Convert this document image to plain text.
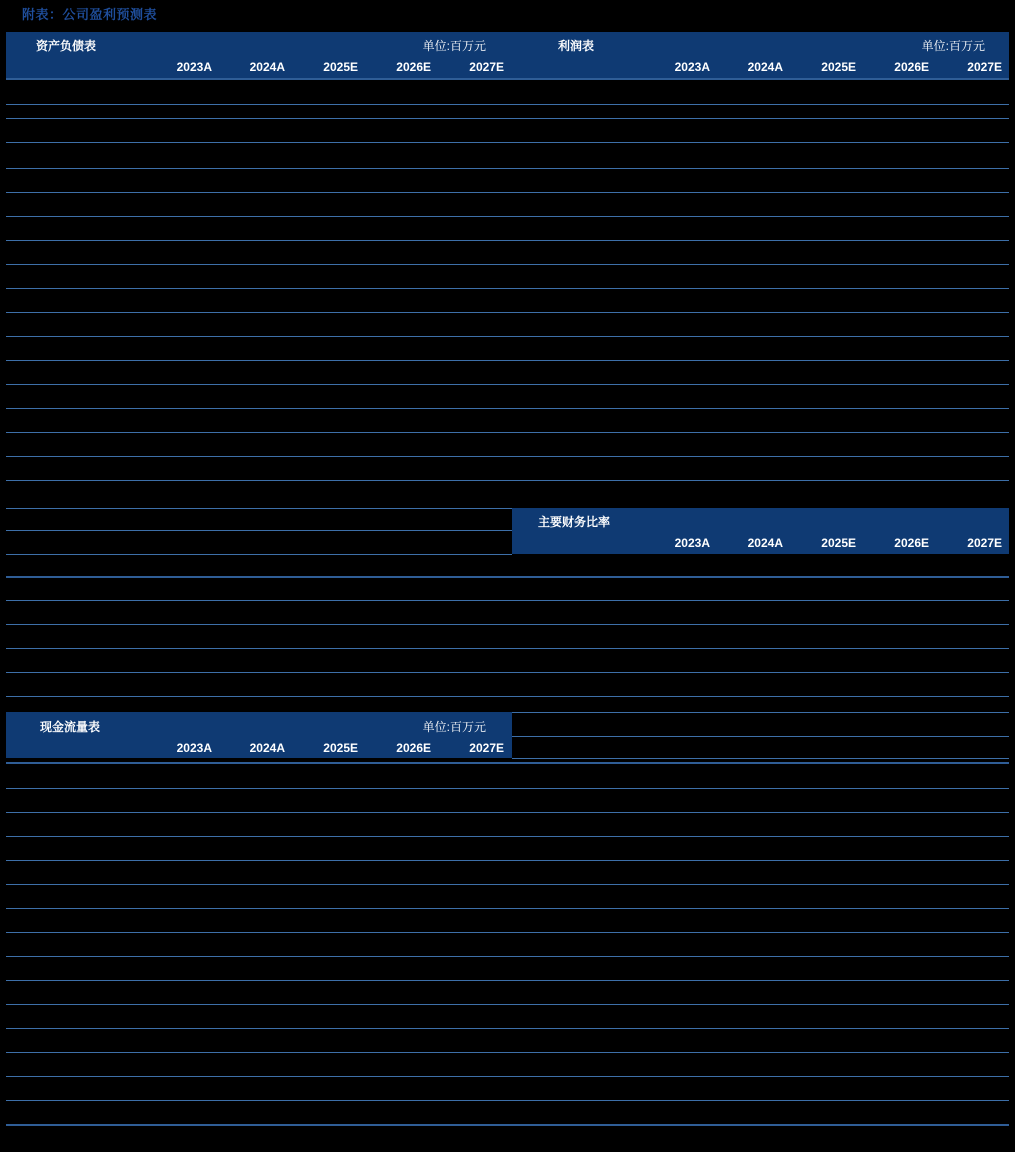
附表：公司盈利预测表
资产负债表	单位:百万元	利润表	单位:百万元
2023A	2024A	2025E	2026E	2027E	2023A	2024A	2025E	2026E	2027E
主要财务比率
2023A	2024A	2025E	2026E	2027E
现金流量表	单位:百万元
2023A	2024A	2025E	2026E	2027E
